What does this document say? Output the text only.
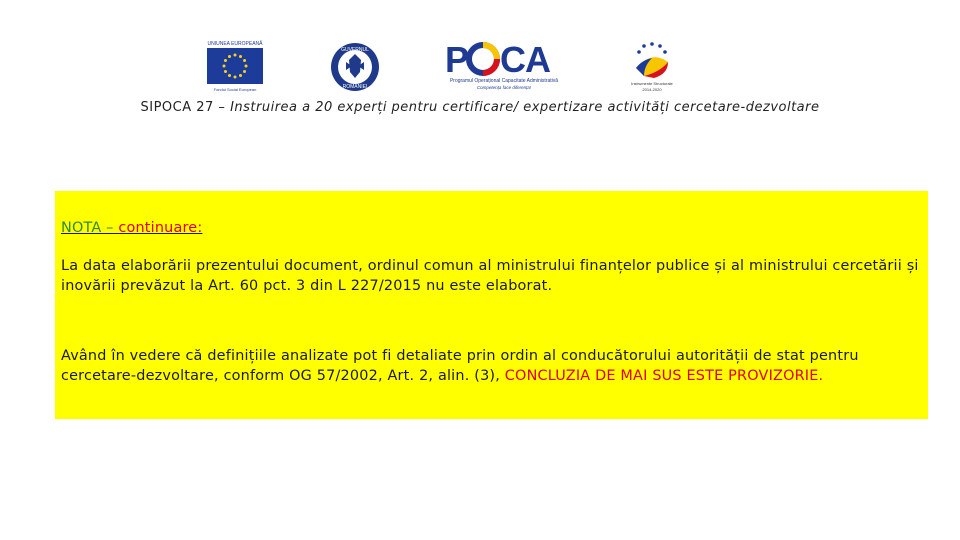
UNIUNEA EUROPEANĂ
Fondul Social European
GUVERNUL
ROMÂNIEI
P CA
Programul Operațional Capacitate Administrativă
Competența face diferența!
Instrumente Structurale
2014-2020
SIPOCA 27 – Instruirea a 20 experți pentru certificare/ expertizare activități cercetare-dezvoltare

NOTA – continuare:

La data elaborării prezentului document, ordinul comun al ministrului finanțelor publice și al ministrului cercetării și inovării prevăzut la Art. 60 pct. 3 din L 227/2015 nu este elaborat.

Având în vedere că definițiile analizate pot fi detaliate prin ordin al conducătorului autorității de stat pentru cercetare-dezvoltare, conform OG 57/2002, Art. 2, alin. (3), CONCLUZIA DE MAI SUS ESTE PROVIZORIE.
